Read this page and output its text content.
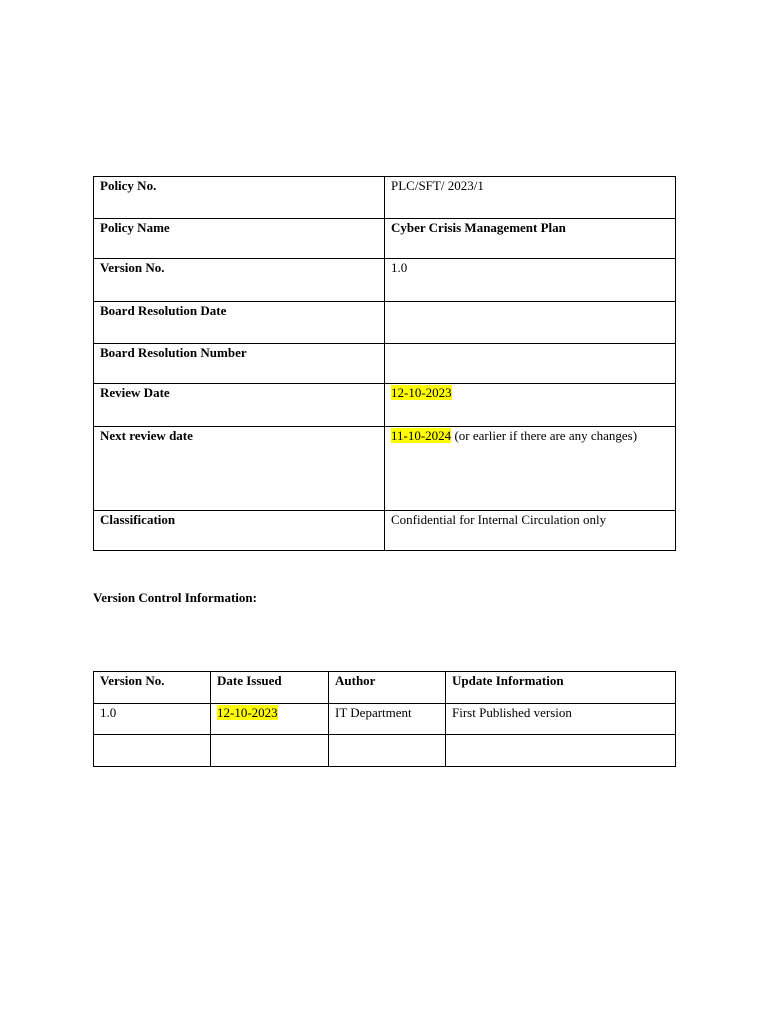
Policy No.	PLC/SFT/ 2023/1
Policy Name	Cyber Crisis Management Plan
Version No.	1.0
Board Resolution Date	
Board Resolution Number	
Review Date	12-10-2023
Next review date	11-10-2024 (or earlier if there are any changes)
Classification	Confidential for Internal Circulation only
Version Control Information:
Version No.	Date Issued	Author	Update Information
1.0	12-10-2023	IT Department	First Published version
